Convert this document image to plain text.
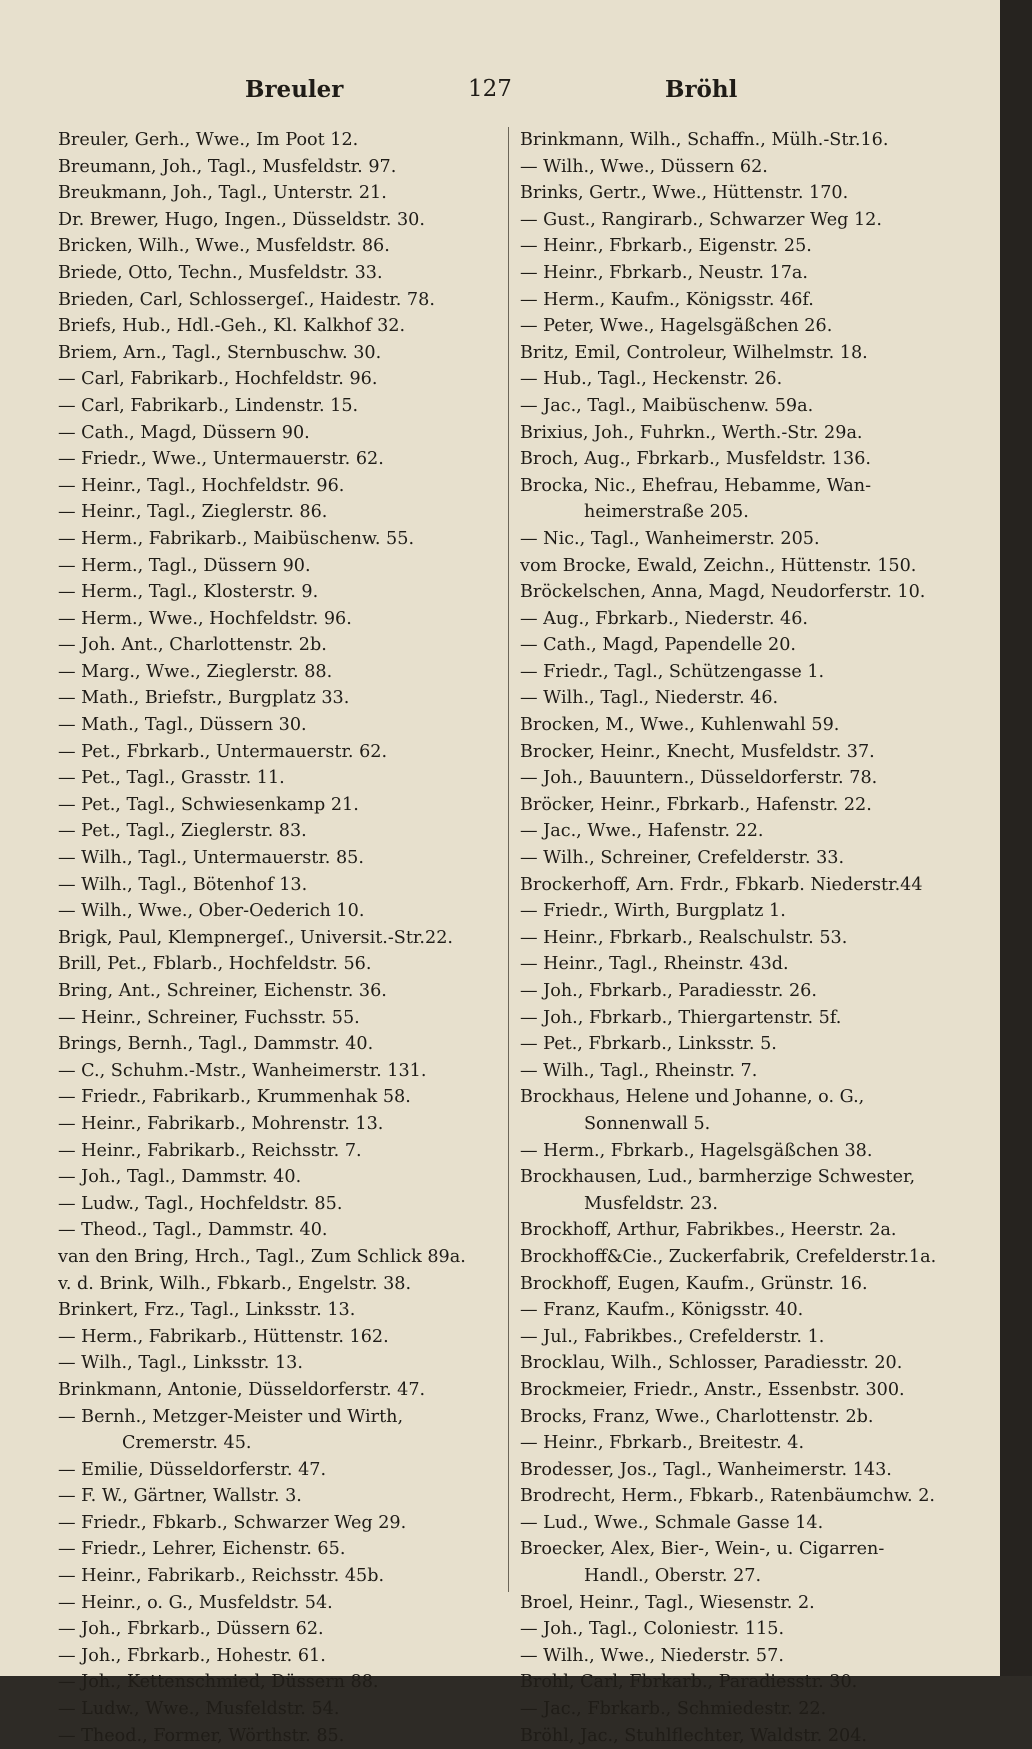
Breuler	127	Bröhl
Breuler, Gerh., Wwe., Im Poot 12.
Breumann, Joh., Tagl., Musfeldstr. 97.
Breukmann, Joh., Tagl., Unterstr. 21.
Dr. Brewer, Hugo, Ingen., Düsseldstr. 30.
Bricken, Wilh., Wwe., Musfeldstr. 86.
Briede, Otto, Techn., Musfeldstr. 33.
Brieden, Carl, Schlossergeſ., Haidestr. 78.
Briefs, Hub., Hdl.-Geh., Kl. Kalkhof 32.
Briem, Arn., Tagl., Sternbuschw. 30.
— Carl, Fabrikarb., Hochfeldstr. 96.
— Carl, Fabrikarb., Lindenstr. 15.
— Cath., Magd, Düssern 90.
— Friedr., Wwe., Untermauerstr. 62.
— Heinr., Tagl., Hochfeldstr. 96.
— Heinr., Tagl., Zieglerstr. 86.
— Herm., Fabrikarb., Maibüschenw. 55.
— Herm., Tagl., Düssern 90.
— Herm., Tagl., Klosterstr. 9.
— Herm., Wwe., Hochfeldstr. 96.
— Joh. Ant., Charlottenstr. 2b.
— Marg., Wwe., Zieglerstr. 88.
— Math., Briefstr., Burgplatz 33.
— Math., Tagl., Düssern 30.
— Pet., Fbrkarb., Untermauerstr. 62.
— Pet., Tagl., Grasstr. 11.
— Pet., Tagl., Schwiesenkamp 21.
— Pet., Tagl., Zieglerstr. 83.
— Wilh., Tagl., Untermauerstr. 85.
— Wilh., Tagl., Bötenhof 13.
— Wilh., Wwe., Ober-Oederich 10.
Brigk, Paul, Klempnergeſ., Universit.-Str.22.
Brill, Pet., Fblarb., Hochfeldstr. 56.
Bring, Ant., Schreiner, Eichenstr. 36.
— Heinr., Schreiner, Fuchsstr. 55.
Brings, Bernh., Tagl., Dammstr. 40.
— C., Schuhm.-Mstr., Wanheimerstr. 131.
— Friedr., Fabrikarb., Krummenhak 58.
— Heinr., Fabrikarb., Mohrenstr. 13.
— Heinr., Fabrikarb., Reichsstr. 7.
— Joh., Tagl., Dammstr. 40.
— Ludw., Tagl., Hochfeldstr. 85.
— Theod., Tagl., Dammstr. 40.
van den Bring, Hrch., Tagl., Zum Schlick 89a.
v. d. Brink, Wilh., Fbkarb., Engelstr. 38.
Brinkert, Frz., Tagl., Linksstr. 13.
— Herm., Fabrikarb., Hüttenstr. 162.
— Wilh., Tagl., Linksstr. 13.
Brinkmann, Antonie, Düsseldorferstr. 47.
— Bernh., Metzger-Meister und Wirth,
Cremerstr. 45.
— Emilie, Düsseldorferstr. 47.
— F. W., Gärtner, Wallstr. 3.
— Friedr., Fbkarb., Schwarzer Weg 29.
— Friedr., Lehrer, Eichenstr. 65.
— Heinr., Fabrikarb., Reichsstr. 45b.
— Heinr., o. G., Musfeldstr. 54.
— Joh., Fbrkarb., Düssern 62.
— Joh., Fbrkarb., Hohestr. 61.
— Joh., Kettenschmied, Düssern 88.
— Ludw., Wwe., Musfeldstr. 54.
— Theod., Former, Wörthstr. 85.
Brinkmann, Wilh., Schaffn., Mülh.-Str.16.
— Wilh., Wwe., Düssern 62.
Brinks, Gertr., Wwe., Hüttenstr. 170.
— Gust., Rangirarb., Schwarzer Weg 12.
— Heinr., Fbrkarb., Eigenstr. 25.
— Heinr., Fbrkarb., Neustr. 17a.
— Herm., Kaufm., Königsstr. 46f.
— Peter, Wwe., Hagelsgäßchen 26.
Britz, Emil, Controleur, Wilhelmstr. 18.
— Hub., Tagl., Heckenstr. 26.
— Jac., Tagl., Maibüschenw. 59a.
Brixius, Joh., Fuhrkn., Werth.-Str. 29a.
Broch, Aug., Fbrkarb., Musfeldstr. 136.
Brocka, Nic., Ehefrau, Hebamme, Wan-
heimerstraße 205.
— Nic., Tagl., Wanheimerstr. 205.
vom Brocke, Ewald, Zeichn., Hüttenstr. 150.
Bröckelschen, Anna, Magd, Neudorferstr. 10.
— Aug., Fbrkarb., Niederstr. 46.
— Cath., Magd, Papendelle 20.
— Friedr., Tagl., Schützengasse 1.
— Wilh., Tagl., Niederstr. 46.
Brocken, M., Wwe., Kuhlenwahl 59.
Brocker, Heinr., Knecht, Musfeldstr. 37.
— Joh., Bauuntern., Düsseldorferstr. 78.
Bröcker, Heinr., Fbrkarb., Hafenstr. 22.
— Jac., Wwe., Hafenstr. 22.
— Wilh., Schreiner, Crefelderstr. 33.
Brockerhoff, Arn. Frdr., Fbkarb. Niederstr.44
— Friedr., Wirth, Burgplatz 1.
— Heinr., Fbrkarb., Realschulstr. 53.
— Heinr., Tagl., Rheinstr. 43d.
— Joh., Fbrkarb., Paradiesstr. 26.
— Joh., Fbrkarb., Thiergartenstr. 5f.
— Pet., Fbrkarb., Linksstr. 5.
— Wilh., Tagl., Rheinstr. 7.
Brockhaus, Helene und Johanne, o. G.,
Sonnenwall 5.
— Herm., Fbrkarb., Hagelsgäßchen 38.
Brockhausen, Lud., barmherzige Schwester,
Musfeldstr. 23.
Brockhoff, Arthur, Fabrikbes., Heerstr. 2a.
Brockhoff&Cie., Zuckerfabrik, Crefelderstr.1a.
Brockhoff, Eugen, Kaufm., Grünstr. 16.
— Franz, Kaufm., Königsstr. 40.
— Jul., Fabrikbes., Crefelderstr. 1.
Brocklau, Wilh., Schlosser, Paradiesstr. 20.
Brockmeier, Friedr., Anstr., Essenbstr. 300.
Brocks, Franz, Wwe., Charlottenstr. 2b.
— Heinr., Fbrkarb., Breitestr. 4.
Brodesser, Jos., Tagl., Wanheimerstr. 143.
Brodrecht, Herm., Fbkarb., Ratenbäumchw. 2.
— Lud., Wwe., Schmale Gasse 14.
Broecker, Alex, Bier-, Wein-, u. Cigarren-
Handl., Oberstr. 27.
Broel, Heinr., Tagl., Wiesenstr. 2.
— Joh., Tagl., Coloniestr. 115.
— Wilh., Wwe., Niederstr. 57.
Brohl, Carl, Fbrkarb., Paradiesstr. 30.
— Jac., Fbrkarb., Schmiedestr. 22.
Bröhl, Jac., Stuhlflechter, Waldstr. 204.
